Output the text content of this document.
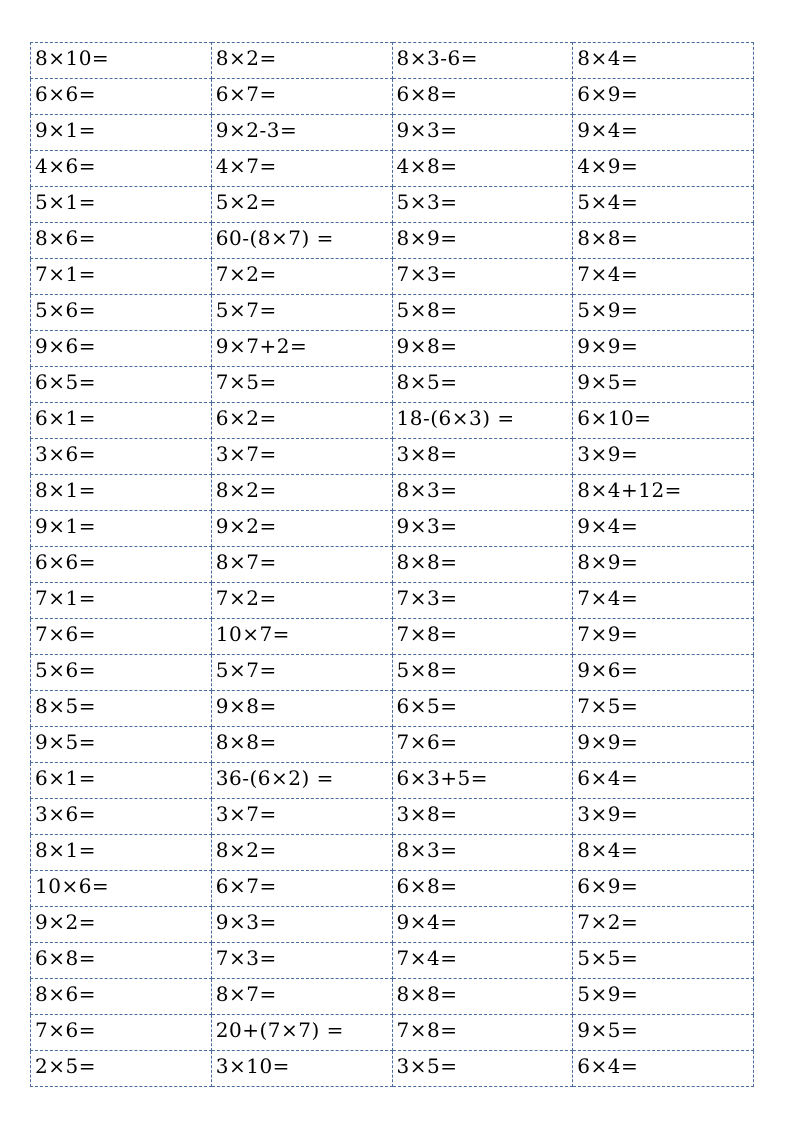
8×10=	8×2=	8×3-6=	8×4=
6×6=	6×7=	6×8=	6×9=
9×1=	9×2-3=	9×3=	9×4=
4×6=	4×7=	4×8=	4×9=
5×1=	5×2=	5×3=	5×4=
8×6=	60-(8×7) =	8×9=	8×8=
7×1=	7×2=	7×3=	7×4=
5×6=	5×7=	5×8=	5×9=
9×6=	9×7+2=	9×8=	9×9=
6×5=	7×5=	8×5=	9×5=
6×1=	6×2=	18-(6×3) =	6×10=
3×6=	3×7=	3×8=	3×9=
8×1=	8×2=	8×3=	8×4+12=
9×1=	9×2=	9×3=	9×4=
6×6=	8×7=	8×8=	8×9=
7×1=	7×2=	7×3=	7×4=
7×6=	10×7=	7×8=	7×9=
5×6=	5×7=	5×8=	9×6=
8×5=	9×8=	6×5=	7×5=
9×5=	8×8=	7×6=	9×9=
6×1=	36-(6×2) =	6×3+5=	6×4=
3×6=	3×7=	3×8=	3×9=
8×1=	8×2=	8×3=	8×4=
10×6=	6×7=	6×8=	6×9=
9×2=	9×3=	9×4=	7×2=
6×8=	7×3=	7×4=	5×5=
8×6=	8×7=	8×8=	5×9=
7×6=	20+(7×7) =	7×8=	9×5=
2×5=	3×10=	3×5=	6×4=
